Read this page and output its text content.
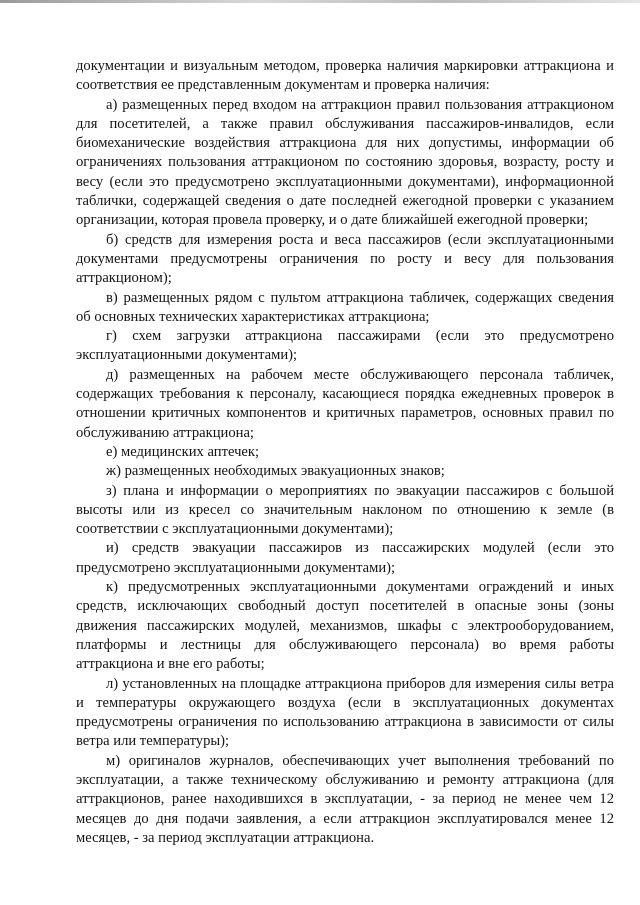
документации и визуальным методом, проверка наличия маркировки аттракциона и соответствия ее представленным документам и проверка наличия:

а) размещенных перед входом на аттракцион правил пользования аттракционом для посетителей, а также правил обслуживания пассажиров-инвалидов, если биомеханические воздействия аттракциона для них допустимы, информации об ограничениях пользования аттракционом по состоянию здоровья, возрасту, росту и весу (если это предусмотрено эксплуатационными документами), информационной таблички, содержащей сведения о дате последней ежегодной проверки с указанием организации, которая провела проверку, и о дате ближайшей ежегодной проверки;

б) средств для измерения роста и веса пассажиров (если эксплуатационными документами предусмотрены ограничения по росту и весу для пользования аттракционом);

в) размещенных рядом с пультом аттракциона табличек, содержащих сведения об основных технических характеристиках аттракциона;

г) схем загрузки аттракциона пассажирами (если это предусмотрено эксплуатационными документами);

д) размещенных на рабочем месте обслуживающего персонала табличек, содержащих требования к персоналу, касающиеся порядка ежедневных проверок в отношении критичных компонентов и критичных параметров, основных правил по обслуживанию аттракциона;

е) медицинских аптечек;

ж) размещенных необходимых эвакуационных знаков;

з) плана и информации о мероприятиях по эвакуации пассажиров с большой высоты или из кресел со значительным наклоном по отношению к земле (в соответствии с эксплуатационными документами);

и) средств эвакуации пассажиров из пассажирских модулей (если это предусмотрено эксплуатационными документами);

к) предусмотренных эксплуатационными документами ограждений и иных средств, исключающих свободный доступ посетителей в опасные зоны (зоны движения пассажирских модулей, механизмов, шкафы с электрооборудованием, платформы и лестницы для обслуживающего персонала) во время работы аттракциона и вне его работы;

л) установленных на площадке аттракциона приборов для измерения силы ветра и температуры окружающего воздуха (если в эксплуатационных документах предусмотрены ограничения по использованию аттракциона в зависимости от силы ветра или температуры);

м) оригиналов журналов, обеспечивающих учет выполнения требований по эксплуатации, а также техническому обслуживанию и ремонту аттракциона (для аттракционов, ранее находившихся в эксплуатации, - за период не менее чем 12 месяцев до дня подачи заявления, а если аттракцион эксплуатировался менее 12 месяцев, - за период эксплуатации аттракциона.
